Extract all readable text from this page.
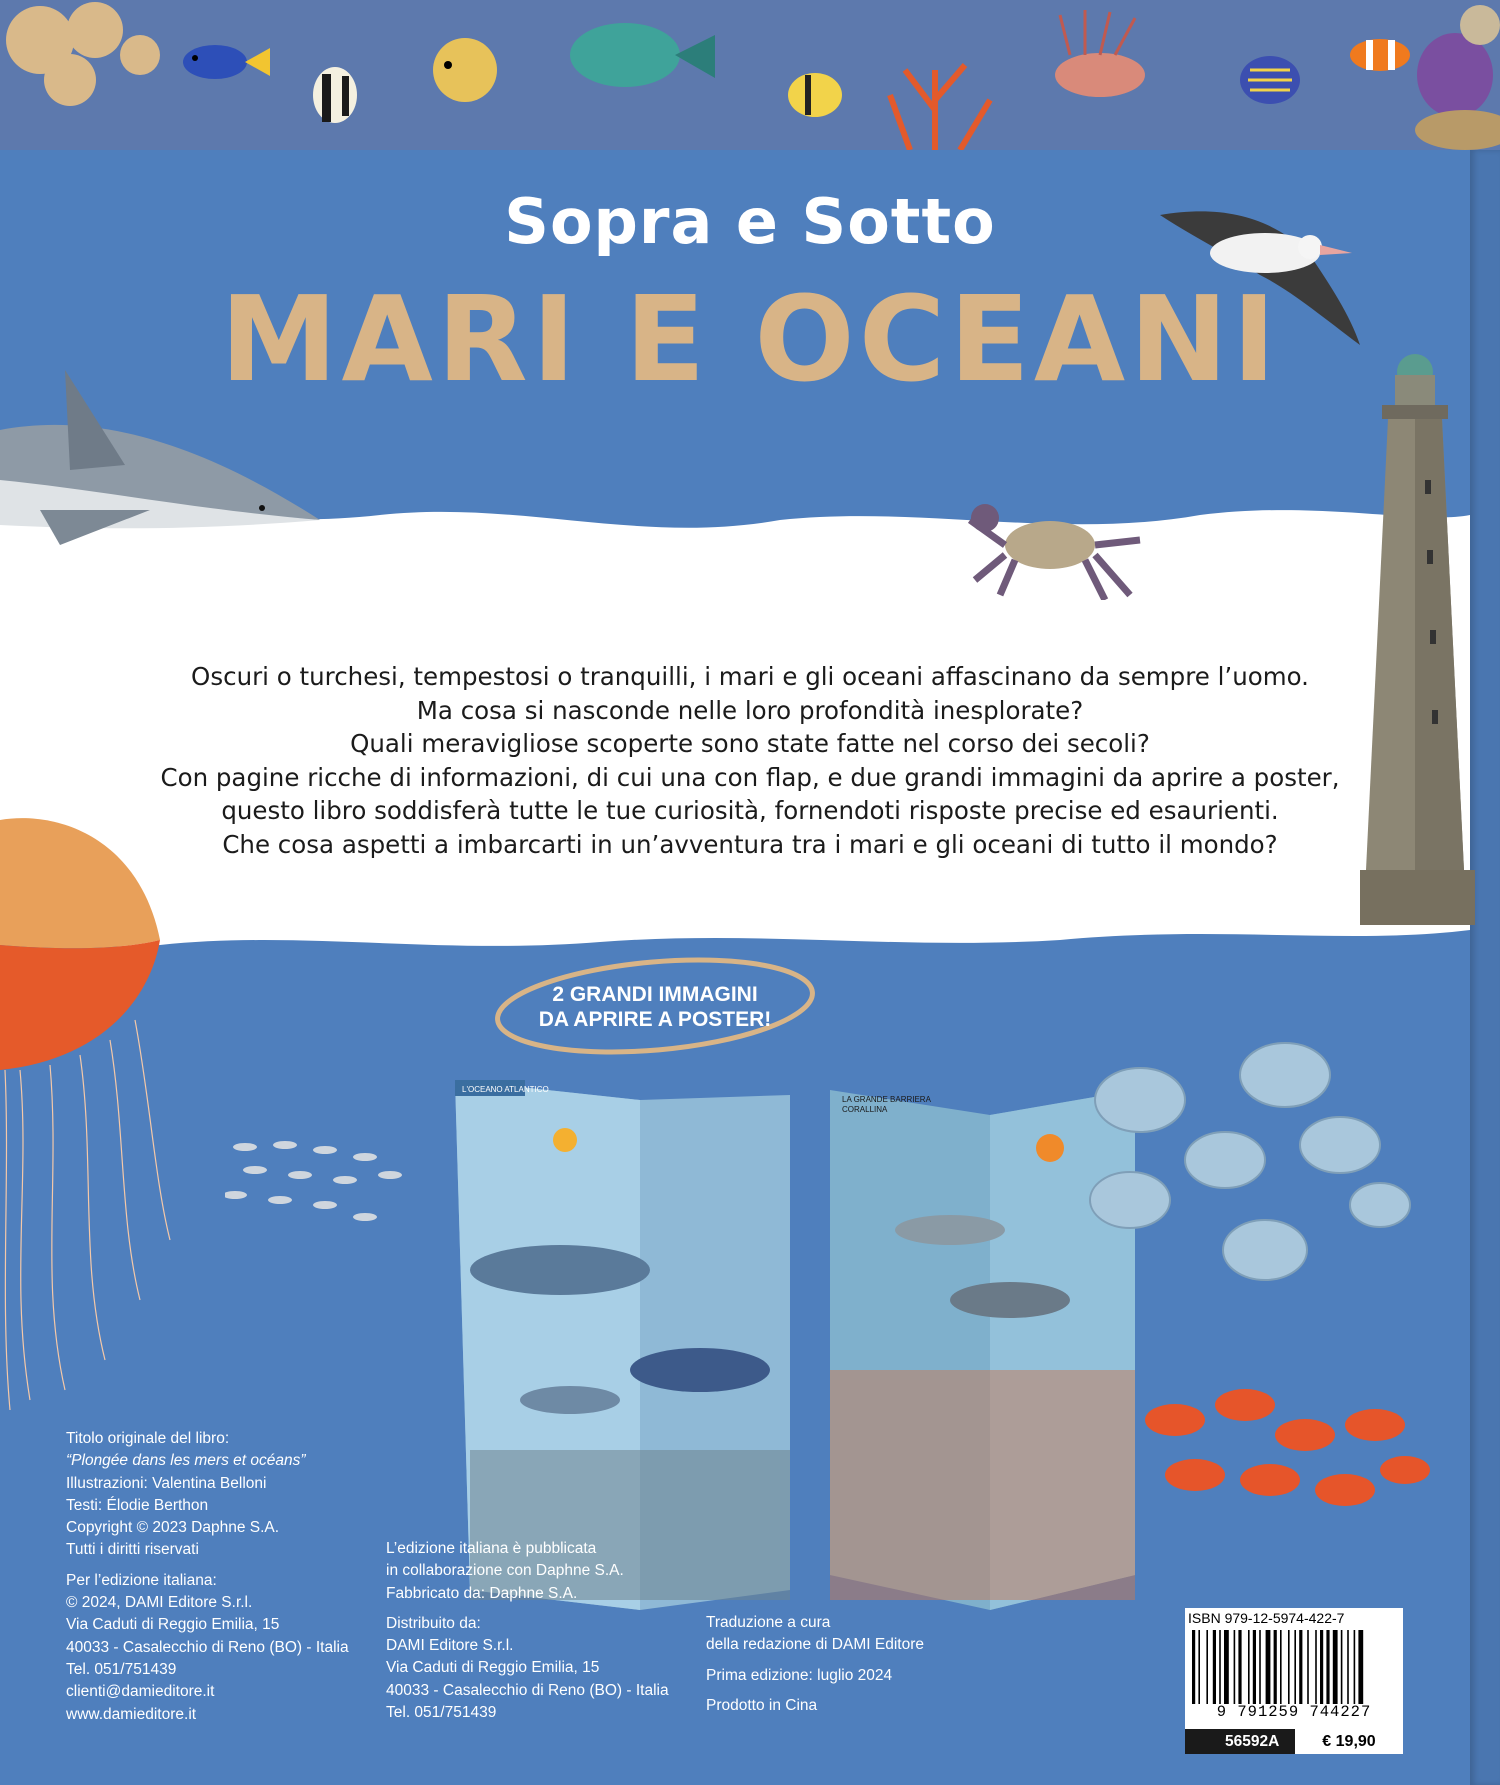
Sopra e Sotto
MARI E OCEANI
Oscuri o turchesi, tempestosi o tranquilli, i mari e gli oceani affascinano da sempre l’uomo.
Ma cosa si nasconde nelle loro profondità inesplorate?
Quali meravigliose scoperte sono state fatte nel corso dei secoli?
Con pagine ricche di informazioni, di cui una con flap, e due grandi immagini da aprire a poster,
questo libro soddisferà tutte le tue curiosità, fornendoti risposte precise ed esaurienti.
Che cosa aspetti a imbarcarti in un’avventura tra i mari e gli oceani di tutto il mondo?
2 GRANDI IMMAGINI
DA APRIRE A POSTER!
L'OCEANO ATLANTICO
LA GRANDE BARRIERA
CORALLINA
Titolo originale del libro:
“Plongée dans les mers et océans”
Illustrazioni: Valentina Belloni
Testi: Élodie Berthon
Copyright © 2023 Daphne S.A.
Tutti i diritti riservati
Per l’edizione italiana:
© 2024, DAMI Editore S.r.l.
Via Caduti di Reggio Emilia, 15
40033 - Casalecchio di Reno (BO) - Italia
Tel. 051/751439
clienti@damieditore.it
www.damieditore.it
L’edizione italiana è pubblicata
in collaborazione con Daphne S.A.
Fabbricato da: Daphne S.A.
Distribuito da:
DAMI Editore S.r.l.
Via Caduti di Reggio Emilia, 15
40033 - Casalecchio di Reno (BO) - Italia
Tel. 051/751439
Traduzione a cura
della redazione di DAMI Editore
Prima edizione: luglio 2024
Prodotto in Cina
ISBN 979-12-5974-422-7
9 791259 744227
56592A	€ 19,90
